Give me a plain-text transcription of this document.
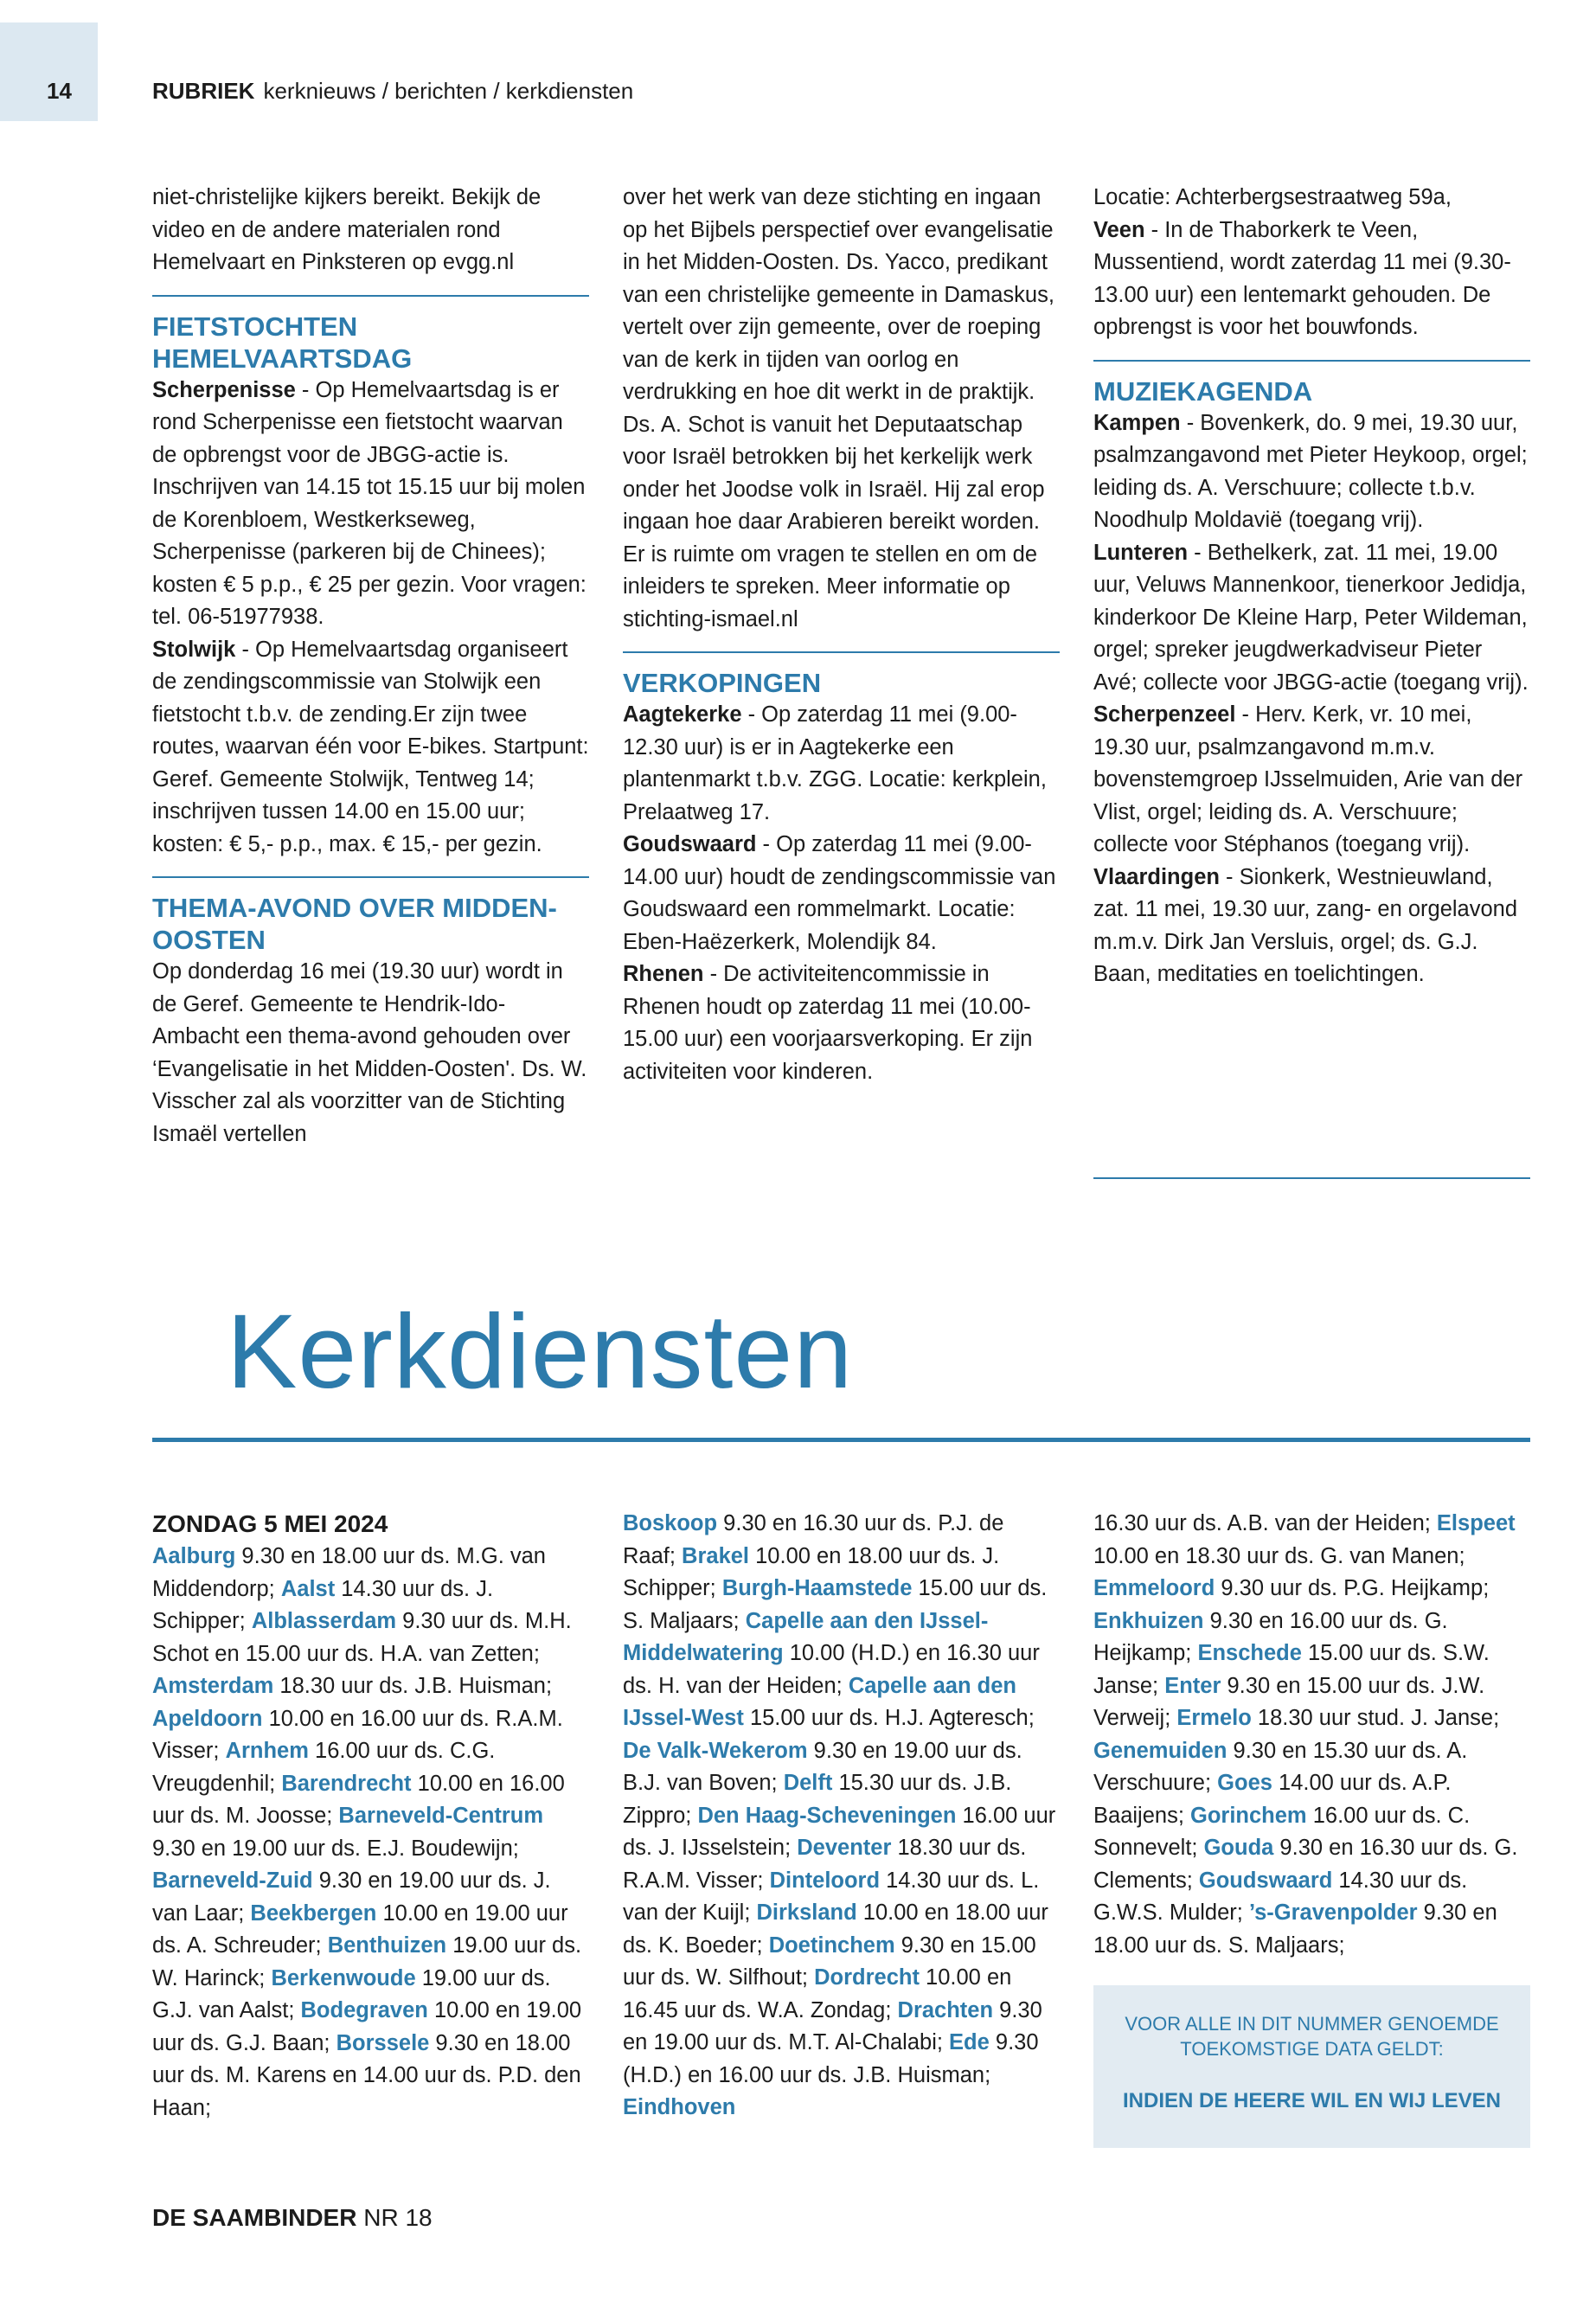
14	RUBRIEK kerknieuws / berichten / kerkdiensten

niet-christelijke kijkers bereikt. Bekijk de video en de andere materialen rond Hemelvaart en Pinksteren op evgg.nl

FIETSTOCHTEN HEMELVAARTSDAG

Scherpenisse - Op Hemelvaartsdag is er rond Scherpenisse een fietstocht waarvan de opbrengst voor de JBGG-actie is. Inschrijven van 14.15 tot 15.15 uur bij molen de Korenbloem, Westkerkseweg, Scherpenisse (parkeren bij de Chinees); kosten € 5 p.p., € 25 per gezin. Voor vragen: tel. 06-51977938.

Stolwijk - Op Hemelvaartsdag organiseert de zendingscommissie van Stolwijk een fietstocht t.b.v. de zending.Er zijn twee routes, waarvan één voor E-bikes. Startpunt: Geref. Gemeente Stolwijk, Tentweg 14; inschrijven tussen 14.00 en 15.00 uur; kosten: € 5,- p.p., max. € 15,- per gezin.

THEMA-AVOND OVER MIDDEN-OOSTEN

Op donderdag 16 mei (19.30 uur) wordt in de Geref. Gemeente te Hendrik-Ido-Ambacht een thema-avond gehouden over ‘Evangelisatie in het Midden-Oosten'. Ds. W. Visscher zal als voorzitter van de Stichting Ismaël vertellen

over het werk van deze stichting en ingaan op het Bijbels perspectief over evangelisatie in het Midden-Oosten. Ds. Yacco, predikant van een christelijke gemeente in Damaskus, vertelt over zijn gemeente, over de roeping van de kerk in tijden van oorlog en verdrukking en hoe dit werkt in de praktijk.

Ds. A. Schot is vanuit het Deputaatschap voor Israël betrokken bij het kerkelijk werk onder het Joodse volk in Israël. Hij zal erop ingaan hoe daar Arabieren bereikt worden. Er is ruimte om vragen te stellen en om de inleiders te spreken. Meer informatie op stichting-ismael.nl

VERKOPINGEN

Aagtekerke - Op zaterdag 11 mei (9.00-12.30 uur) is er in Aagtekerke een plantenmarkt t.b.v. ZGG. Locatie: kerkplein, Prelaatweg 17.

Goudswaard - Op zaterdag 11 mei (9.00-14.00 uur) houdt de zendingscommissie van Goudswaard een rommelmarkt. Locatie: Eben-Haëzerkerk, Molendijk 84.

Rhenen - De activiteitencommissie in Rhenen houdt op zaterdag 11 mei (10.00-15.00 uur) een voorjaarsverkoping. Er zijn activiteiten voor kinderen.

Locatie: Achterbergsestraatweg 59a,

Veen - In de Thaborkerk te Veen, Mussentiend, wordt zaterdag 11 mei (9.30-13.00 uur) een lentemarkt gehouden. De opbrengst is voor het bouwfonds.

MUZIEKAGENDA

Kampen - Bovenkerk, do. 9 mei, 19.30 uur, psalmzangavond met Pieter Heykoop, orgel; leiding ds. A. Verschuure; collecte t.b.v. Noodhulp Moldavië (toegang vrij).

Lunteren - Bethelkerk, zat. 11 mei, 19.00 uur, Veluws Mannenkoor, tienerkoor Jedidja, kinderkoor De Kleine Harp, Peter Wildeman, orgel; spreker jeugdwerkadviseur Pieter Avé; collecte voor JBGG-actie (toegang vrij).

Scherpenzeel - Herv. Kerk, vr. 10 mei, 19.30 uur, psalmzangavond m.m.v. bovenstemgroep IJsselmuiden, Arie van der Vlist, orgel; leiding ds. A. Verschuure; collecte voor Stéphanos (toegang vrij).

Vlaardingen - Sionkerk, Westnieuwland, zat. 11 mei, 19.30 uur, zang- en orgelavond m.m.v. Dirk Jan Versluis, orgel; ds. G.J. Baan, meditaties en toelichtingen.

Kerkdiensten

ZONDAG 5 MEI 2024

Aalburg 9.30 en 18.00 uur ds. M.G. van Middendorp; Aalst 14.30 uur ds. J. Schipper; Alblasserdam 9.30 uur ds. M.H. Schot en 15.00 uur ds. H.A. van Zetten; Amsterdam 18.30 uur ds. J.B. Huisman; Apeldoorn 10.00 en 16.00 uur ds. R.A.M. Visser; Arnhem 16.00 uur ds. C.G. Vreugdenhil; Barendrecht 10.00 en 16.00 uur ds. M. Joosse; Barneveld-Centrum 9.30 en 19.00 uur ds. E.J. Boudewijn; Barneveld-Zuid 9.30 en 19.00 uur ds. J. van Laar; Beekbergen 10.00 en 19.00 uur ds. A. Schreuder; Benthuizen 19.00 uur ds. W. Harinck; Berkenwoude 19.00 uur ds. G.J. van Aalst; Bodegraven 10.00 en 19.00 uur ds. G.J. Baan; Borssele 9.30 en 18.00 uur ds. M. Karens en 14.00 uur ds. P.D. den Haan;

Boskoop 9.30 en 16.30 uur ds. P.J. de Raaf; Brakel 10.00 en 18.00 uur ds. J. Schipper; Burgh-Haamstede 15.00 uur ds. S. Maljaars; Capelle aan den IJssel-Middelwatering 10.00 (H.D.) en 16.30 uur ds. H. van der Heiden; Capelle aan den IJssel-West 15.00 uur ds. H.J. Agteresch; De Valk-Wekerom 9.30 en 19.00 uur ds. B.J. van Boven; Delft 15.30 uur ds. J.B. Zippro; Den Haag-Scheveningen 16.00 uur ds. J. IJsselstein; Deventer 18.30 uur ds. R.A.M. Visser; Dinteloord 14.30 uur ds. L. van der Kuijl; Dirksland 10.00 en 18.00 uur ds. K. Boeder; Doetinchem 9.30 en 15.00 uur ds. W. Silfhout; Dordrecht 10.00 en 16.45 uur ds. W.A. Zondag; Drachten 9.30 en 19.00 uur ds. M.T. Al-Chalabi; Ede 9.30 (H.D.) en 16.00 uur ds. J.B. Huisman; Eindhoven

16.30 uur ds. A.B. van der Heiden; Elspeet 10.00 en 18.30 uur ds. G. van Manen; Emmeloord 9.30 uur ds. P.G. Heijkamp; Enkhuizen 9.30 en 16.00 uur ds. G. Heijkamp; Enschede 15.00 uur ds. S.W. Janse; Enter 9.30 en 15.00 uur ds. J.W. Verweij; Ermelo 18.30 uur stud. J. Janse; Genemuiden 9.30 en 15.30 uur ds. A. Verschuure; Goes 14.00 uur ds. A.P. Baaijens; Gorinchem 16.00 uur ds. C. Sonnevelt; Gouda 9.30 en 16.30 uur ds. G. Clements; Goudswaard 14.30 uur ds. G.W.S. Mulder; ’s-Gravenpolder 9.30 en 18.00 uur ds. S. Maljaars;

VOOR ALLE IN DIT NUMMER GENOEMDE TOEKOMSTIGE DATA GELDT:
INDIEN DE HEERE WIL EN WIJ LEVEN
DE SAAMBINDER NR 18
